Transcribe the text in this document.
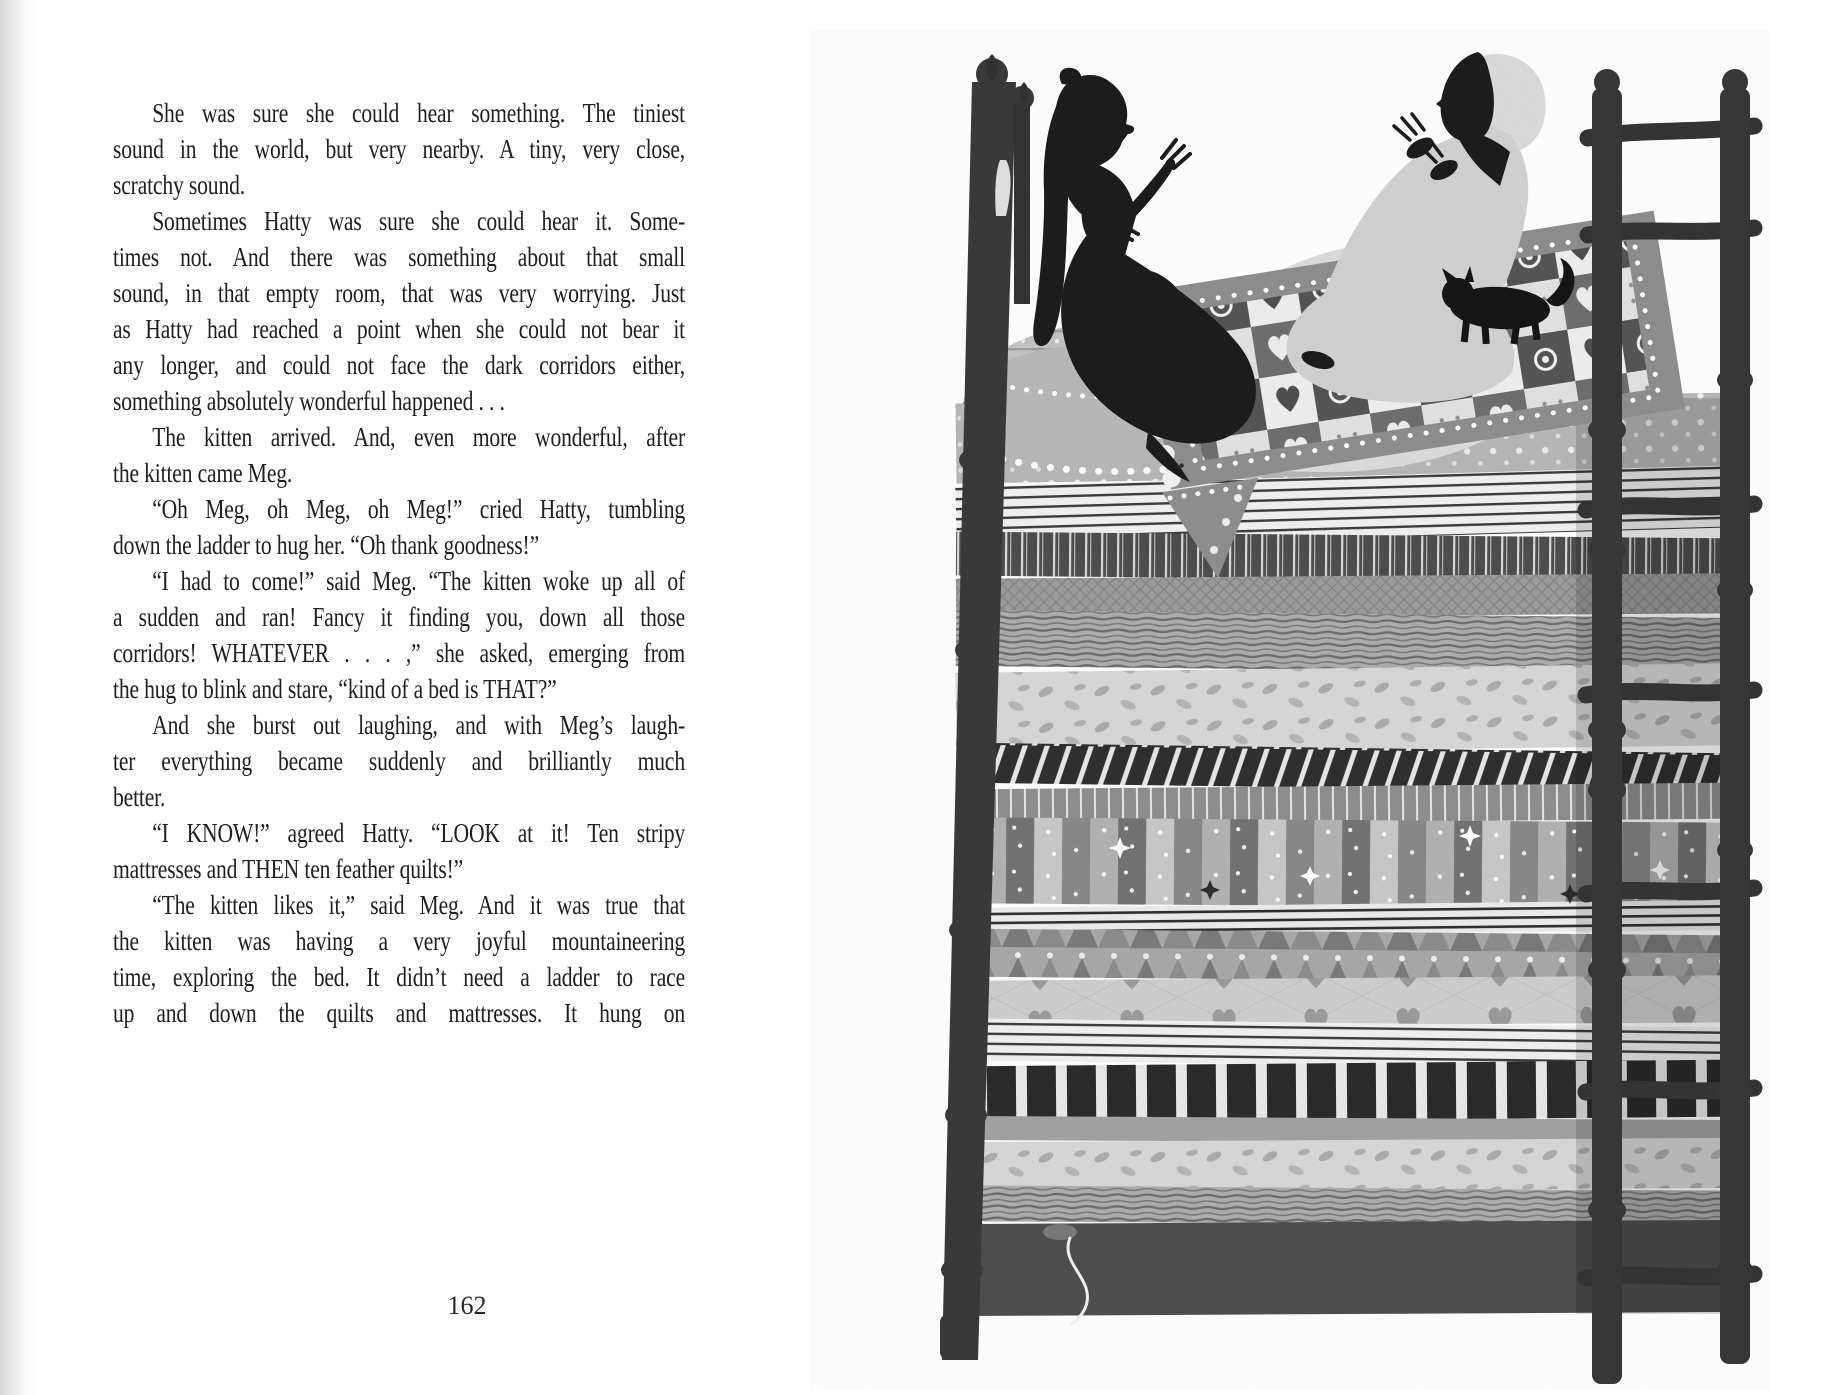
She was sure she could hear something. The tiniest
sound in the world, but very nearby. A tiny, very close,
scratchy sound.
Sometimes Hatty was sure she could hear it. Some-
times not. And there was something about that small
sound, in that empty room, that was very worrying. Just
as Hatty had reached a point when she could not bear it
any longer, and could not face the dark corridors either,
something absolutely wonderful happened . . .
The kitten arrived. And, even more wonderful, after
the kitten came Meg.
“Oh Meg, oh Meg, oh Meg!” cried Hatty, tumbling
down the ladder to hug her. “Oh thank goodness!”
“I had to come!” said Meg. “The kitten woke up all of
a sudden and ran! Fancy it finding you, down all those
corridors! WHATEVER . . . ,” she asked, emerging from
the hug to blink and stare, “kind of a bed is THAT?”
And she burst out laughing, and with Meg’s laugh-
ter everything became suddenly and brilliantly much
better.
“I KNOW!” agreed Hatty. “LOOK at it! Ten stripy
mattresses and THEN ten feather quilts!”
“The kitten likes it,” said Meg. And it was true that
the kitten was having a very joyful mountaineering
time, exploring the bed. It didn’t need a ladder to race
up and down the quilts and mattresses. It hung on
162
